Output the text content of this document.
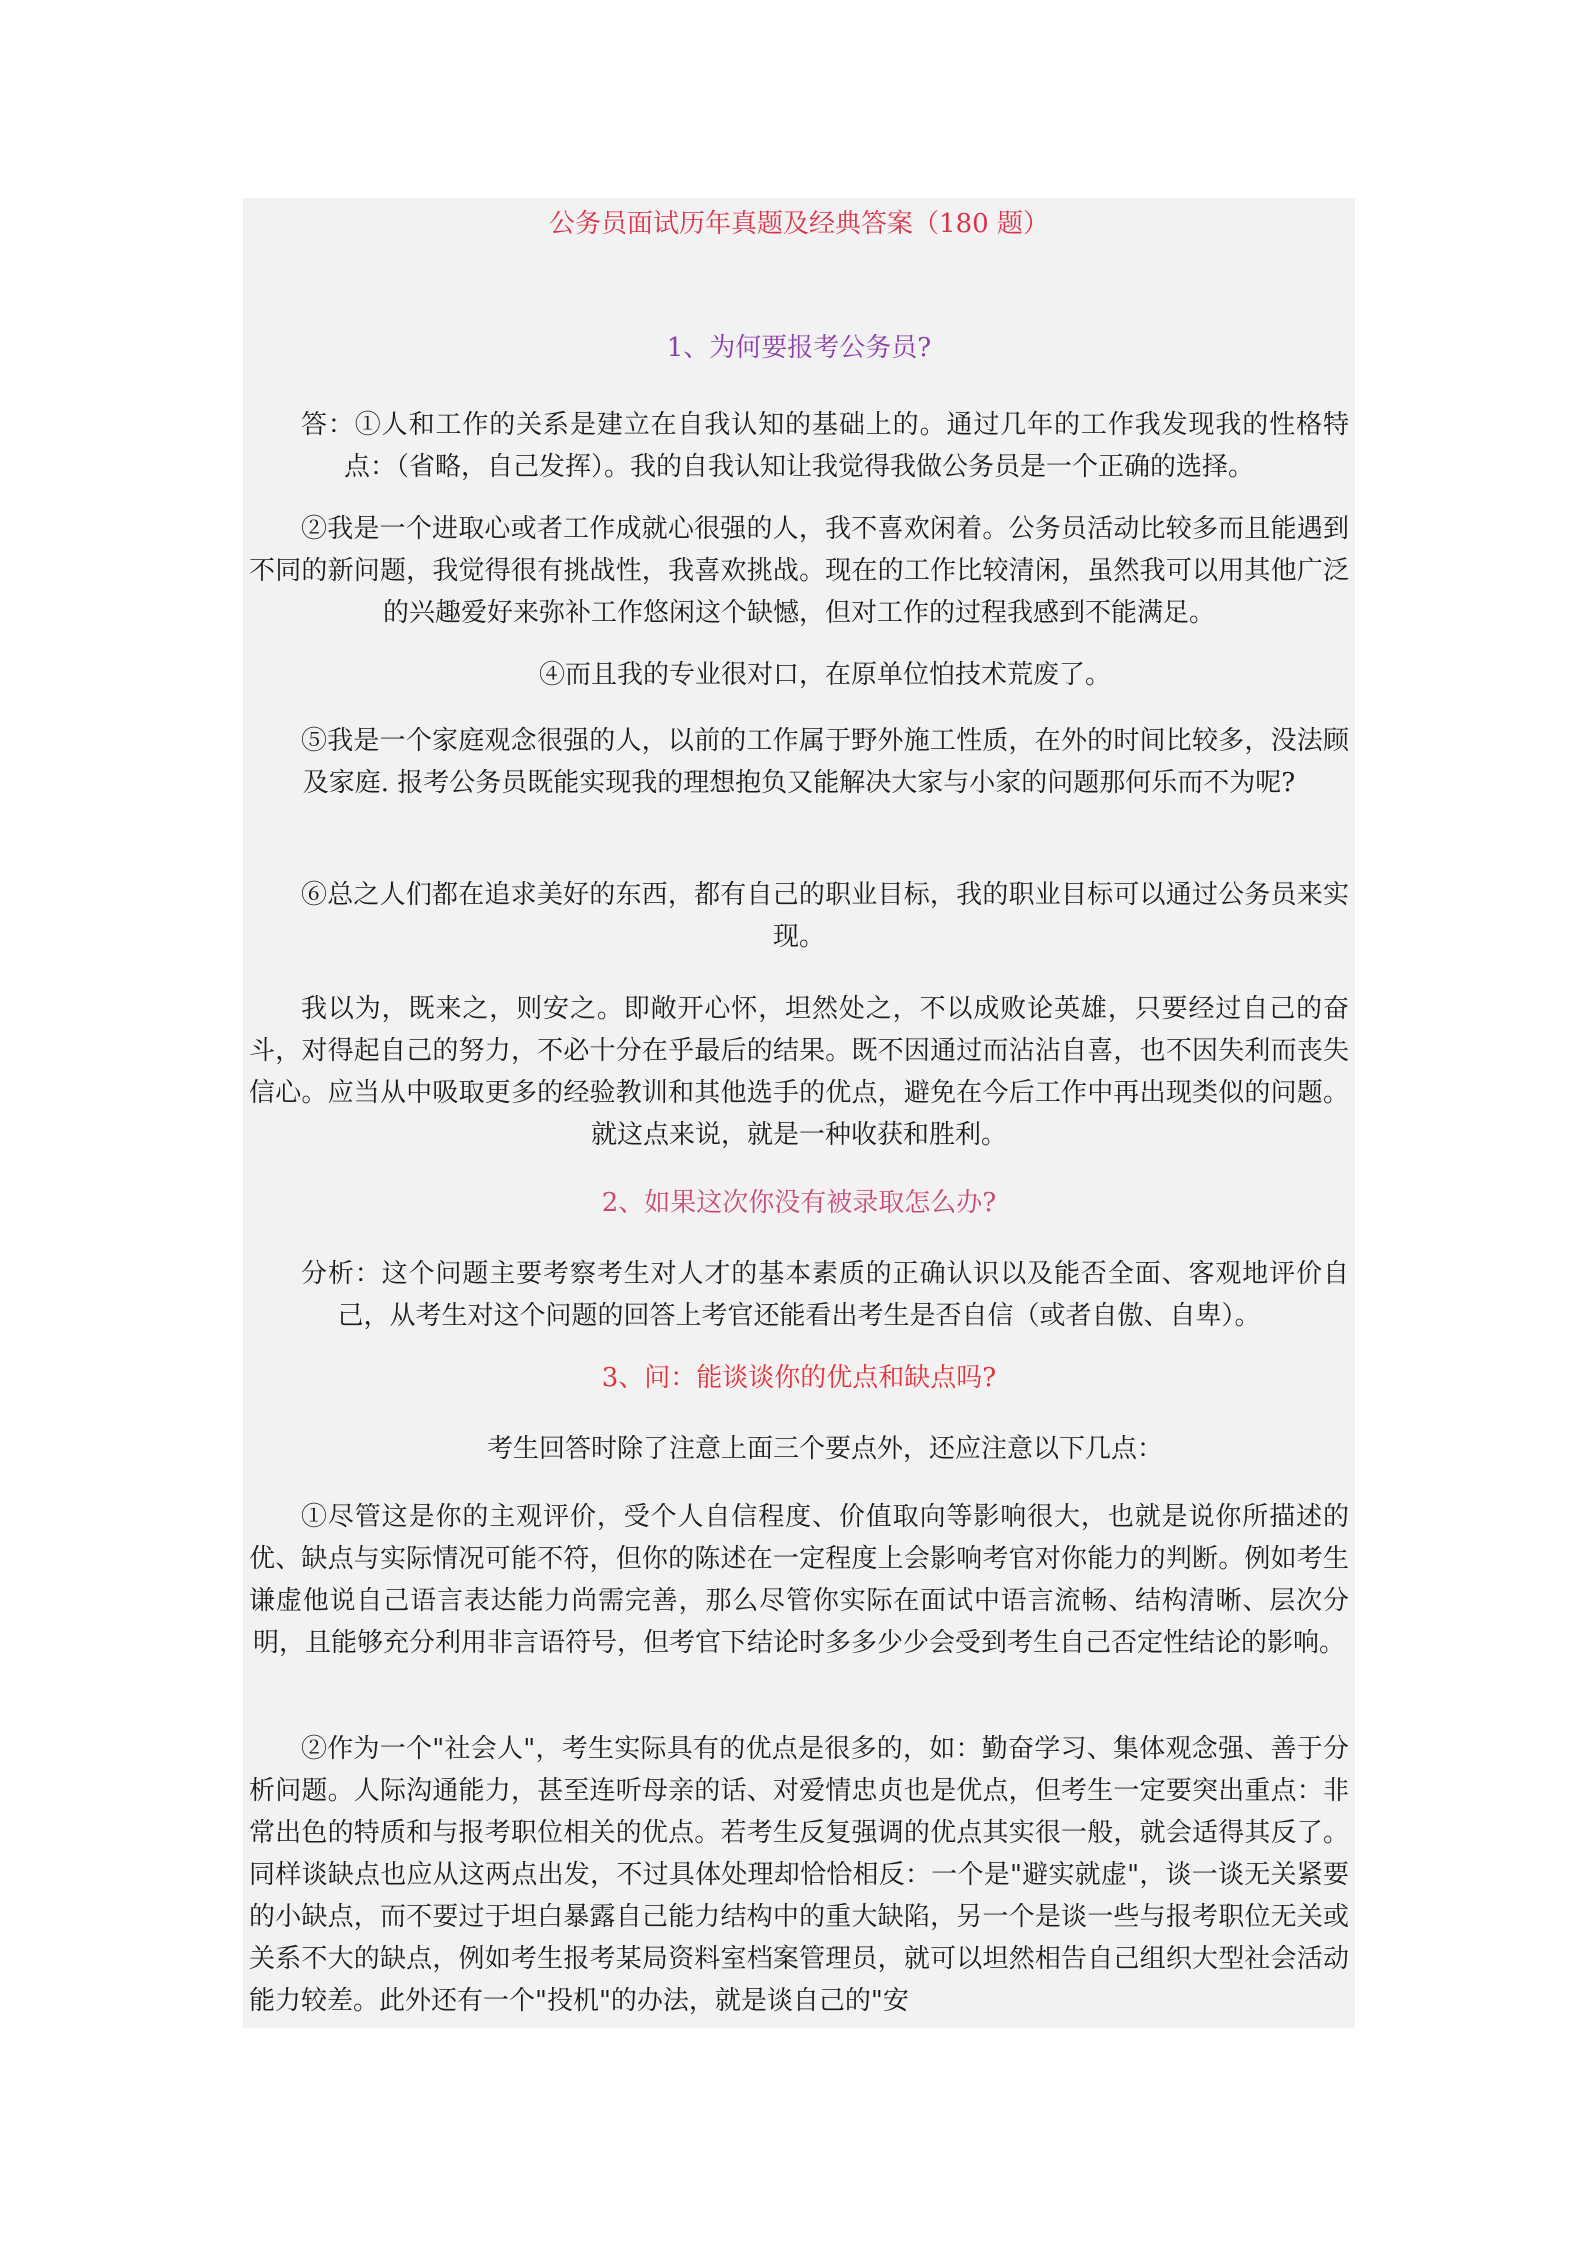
公务员面试历年真题及经典答案（180 题）
1、为何要报考公务员?

答：①人和工作的关系是建立在自我认知的基础上的。通过几年的工作我发现我的性格特点：（省略，自己发挥）。我的自我认知让我觉得我做公务员是一个正确的选择。

②我是一个进取心或者工作成就心很强的人，我不喜欢闲着。公务员活动比较多而且能遇到不同的新问题，我觉得很有挑战性，我喜欢挑战。现在的工作比较清闲，虽然我可以用其他广泛的兴趣爱好来弥补工作悠闲这个缺憾，但对工作的过程我感到不能满足。

④而且我的专业很对口，在原单位怕技术荒废了。

⑤我是一个家庭观念很强的人，以前的工作属于野外施工性质，在外的时间比较多，没法顾及家庭. 报考公务员既能实现我的理想抱负又能解决大家与小家的问题那何乐而不为呢?

⑥总之人们都在追求美好的东西，都有自己的职业目标，我的职业目标可以通过公务员来实现。

我以为，既来之，则安之。即敞开心怀，坦然处之，不以成败论英雄，只要经过自己的奋斗，对得起自己的努力，不必十分在乎最后的结果。既不因通过而沾沾自喜，也不因失利而丧失信心。应当从中吸取更多的经验教训和其他选手的优点，避免在今后工作中再出现类似的问题。就这点来说，就是一种收获和胜利。

2、如果这次你没有被录取怎么办?

分析：这个问题主要考察考生对人才的基本素质的正确认识以及能否全面、客观地评价自己，从考生对这个问题的回答上考官还能看出考生是否自信（或者自傲、自卑）。

3、问：能谈谈你的优点和缺点吗?

考生回答时除了注意上面三个要点外，还应注意以下几点：

①尽管这是你的主观评价，受个人自信程度、价值取向等影响很大，也就是说你所描述的优、缺点与实际情况可能不符，但你的陈述在一定程度上会影响考官对你能力的判断。例如考生谦虚他说自己语言表达能力尚需完善，那么尽管你实际在面试中语言流畅、结构清晰、层次分明，且能够充分利用非言语符号，但考官下结论时多多少少会受到考生自己否定性结论的影响。

②作为一个"社会人"，考生实际具有的优点是很多的，如：勤奋学习、集体观念强、善于分析问题。人际沟通能力，甚至连听母亲的话、对爱情忠贞也是优点，但考生一定要突出重点：非常出色的特质和与报考职位相关的优点。若考生反复强调的优点其实很一般，就会适得其反了。同样谈缺点也应从这两点出发，不过具体处理却恰恰相反：一个是"避实就虚"，谈一谈无关紧要的小缺点，而不要过于坦白暴露自己能力结构中的重大缺陷，另一个是谈一些与报考职位无关或关系不大的缺点，例如考生报考某局资料室档案管理员，就可以坦然相告自己组织大型社会活动能力较差。此外还有一个"投机"的办法，就是谈自己的"安
